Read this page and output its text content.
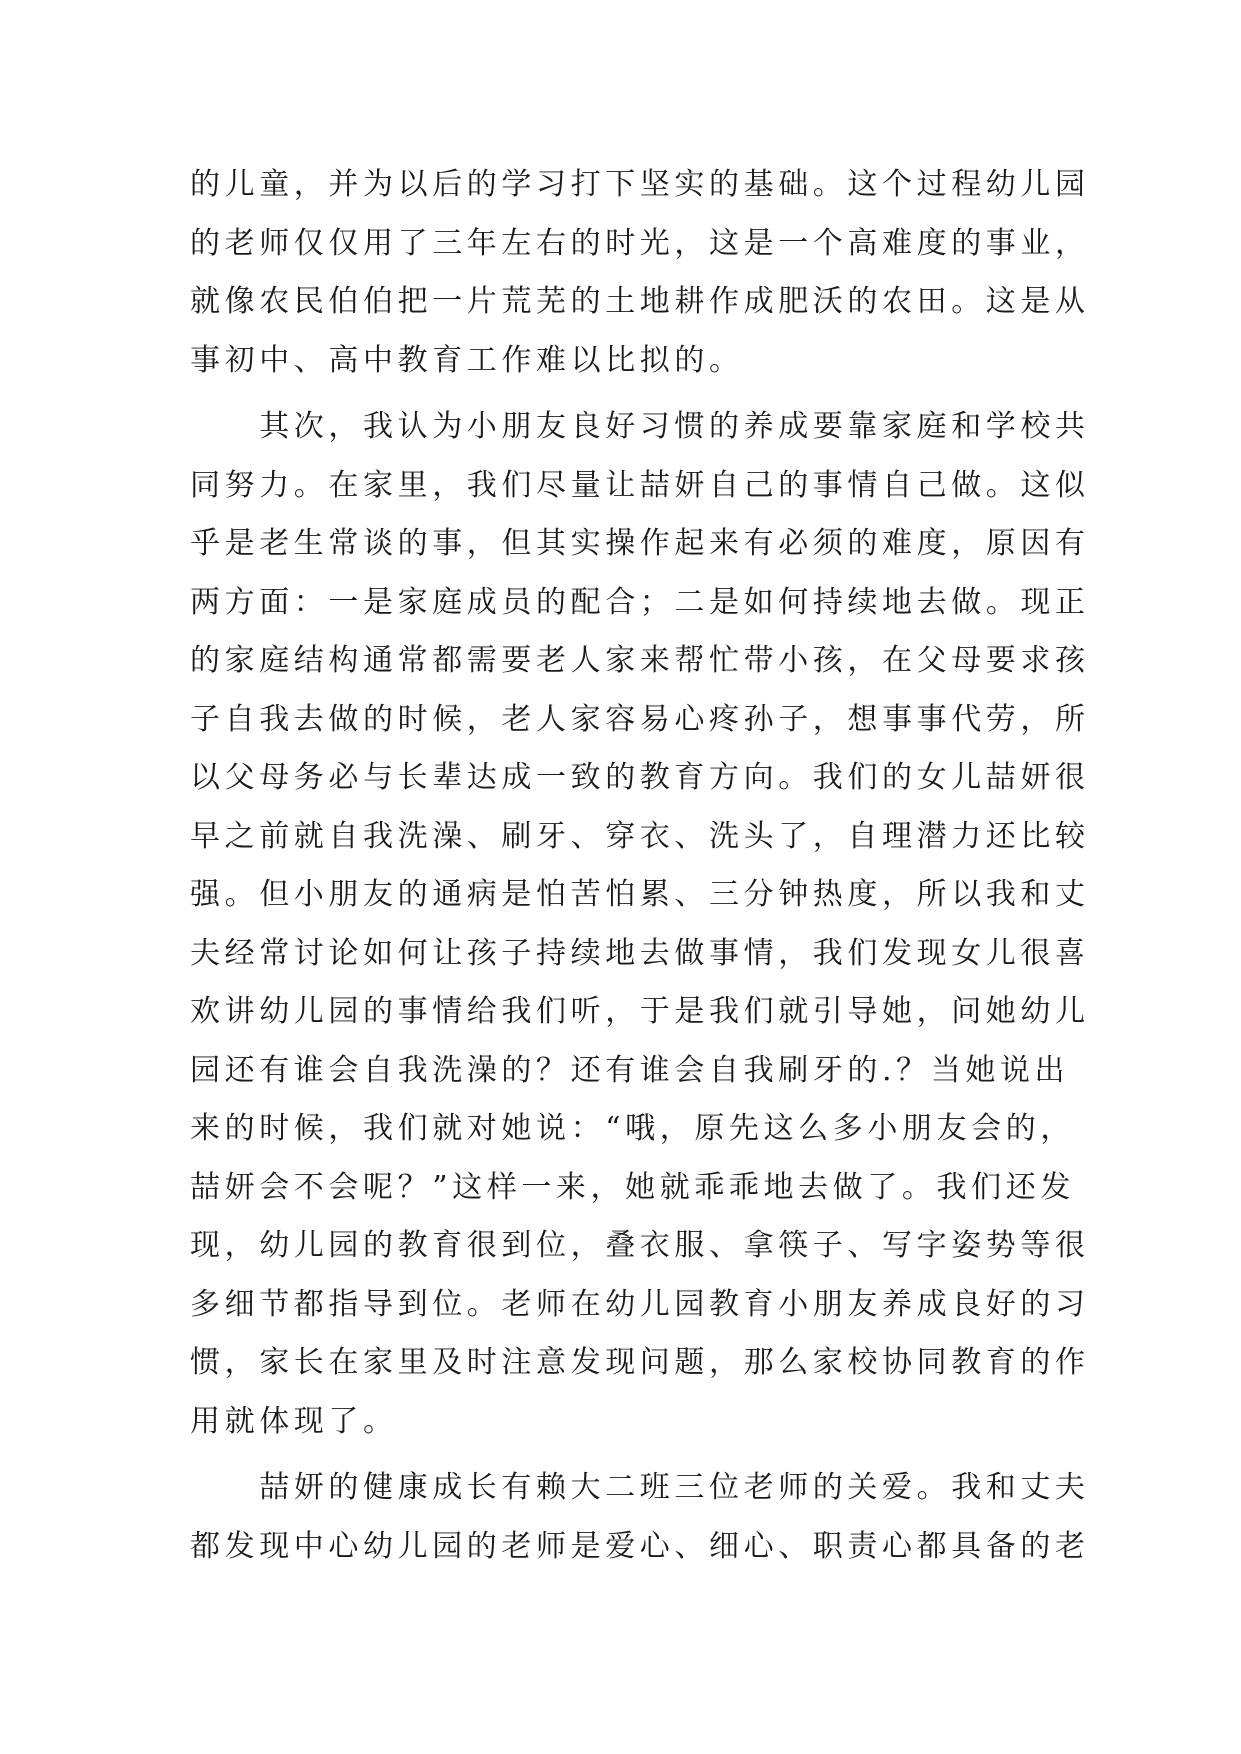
的儿童，并为以后的学习打下坚实的基础。这个过程幼儿园
的老师仅仅用了三年左右的时光，这是一个高难度的事业，
就像农民伯伯把一片荒芜的土地耕作成肥沃的农田。这是从
事初中、高中教育工作难以比拟的。
　　其次，我认为小朋友良好习惯的养成要靠家庭和学校共
同努力。在家里，我们尽量让喆妍自己的事情自己做。这似
乎是老生常谈的事，但其实操作起来有必须的难度，原因有
两方面：一是家庭成员的配合；二是如何持续地去做。现正
的家庭结构通常都需要老人家来帮忙带小孩，在父母要求孩
子自我去做的时候，老人家容易心疼孙子，想事事代劳，所
以父母务必与长辈达成一致的教育方向。我们的女儿喆妍很
早之前就自我洗澡、刷牙、穿衣、洗头了，自理潜力还比较
强。但小朋友的通病是怕苦怕累、三分钟热度，所以我和丈
夫经常讨论如何让孩子持续地去做事情，我们发现女儿很喜
欢讲幼儿园的事情给我们听，于是我们就引导她，问她幼儿
园还有谁会自我洗澡的？还有谁会自我刷牙的.？当她说出
来的时候，我们就对她说：“哦，原先这么多小朋友会的，
喆妍会不会呢？”这样一来，她就乖乖地去做了。我们还发
现，幼儿园的教育很到位，叠衣服、拿筷子、写字姿势等很
多细节都指导到位。老师在幼儿园教育小朋友养成良好的习
惯，家长在家里及时注意发现问题，那么家校协同教育的作
用就体现了。
　　喆妍的健康成长有赖大二班三位老师的关爱。我和丈夫
都发现中心幼儿园的老师是爱心、细心、职责心都具备的老
